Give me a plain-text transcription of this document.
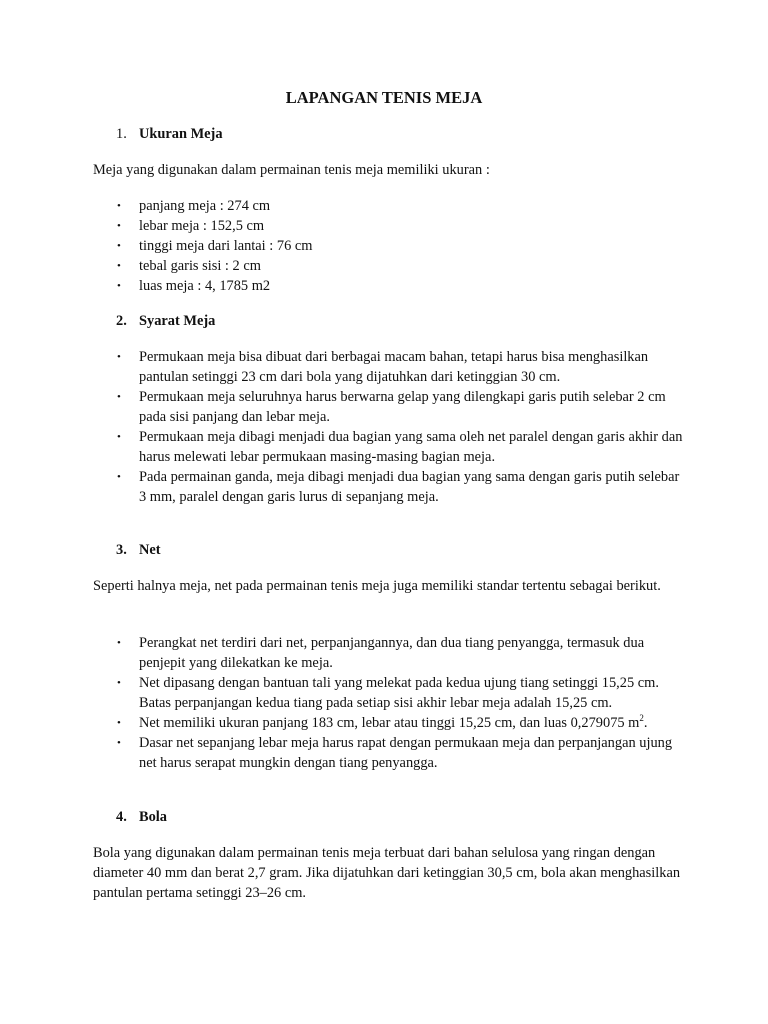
LAPANGAN TENIS MEJA
1. Ukuran Meja

Meja yang digunakan dalam permainan tenis meja memiliki ukuran :

• panjang meja : 274 cm
• lebar meja : 152,5 cm
• tinggi meja dari lantai : 76 cm
• tebal garis sisi : 2 cm
• luas meja : 4, 1785 m2
2. Syarat Meja
• Permukaan meja bisa dibuat dari berbagai macam bahan, tetapi harus bisa menghasilkan pantulan setinggi 23 cm dari bola yang dijatuhkan dari ketinggian 30 cm.
• Permukaan meja seluruhnya harus berwarna gelap yang dilengkapi garis putih selebar 2 cm pada sisi panjang dan lebar meja.
• Permukaan meja dibagi menjadi dua bagian yang sama oleh net paralel dengan garis akhir dan harus melewati lebar permukaan masing-masing bagian meja.
• Pada permainan ganda, meja dibagi menjadi dua bagian yang sama dengan garis putih selebar 3 mm, paralel dengan garis lurus di sepanjang meja.
3. Net

Seperti halnya meja, net pada permainan tenis meja juga memiliki standar tertentu sebagai berikut.

• Perangkat net terdiri dari net, perpanjangannya, dan dua tiang penyangga, termasuk dua penjepit yang dilekatkan ke meja.
• Net dipasang dengan bantuan tali yang melekat pada kedua ujung tiang setinggi 15,25 cm. Batas perpanjangan kedua tiang pada setiap sisi akhir lebar meja adalah 15,25 cm.
• Net memiliki ukuran panjang 183 cm, lebar atau tinggi 15,25 cm, dan luas 0,279075 $m^2$.
• Dasar net sepanjang lebar meja harus rapat dengan permukaan meja dan perpanjangan ujung net harus serapat mungkin dengan tiang penyangga.
4. Bola

Bola yang digunakan dalam permainan tenis meja terbuat dari bahan selulosa yang ringan dengan diameter 40 mm dan berat 2,7 gram. Jika dijatuhkan dari ketinggian 30,5 cm, bola akan menghasilkan pantulan pertama setinggi 23–26 cm.
